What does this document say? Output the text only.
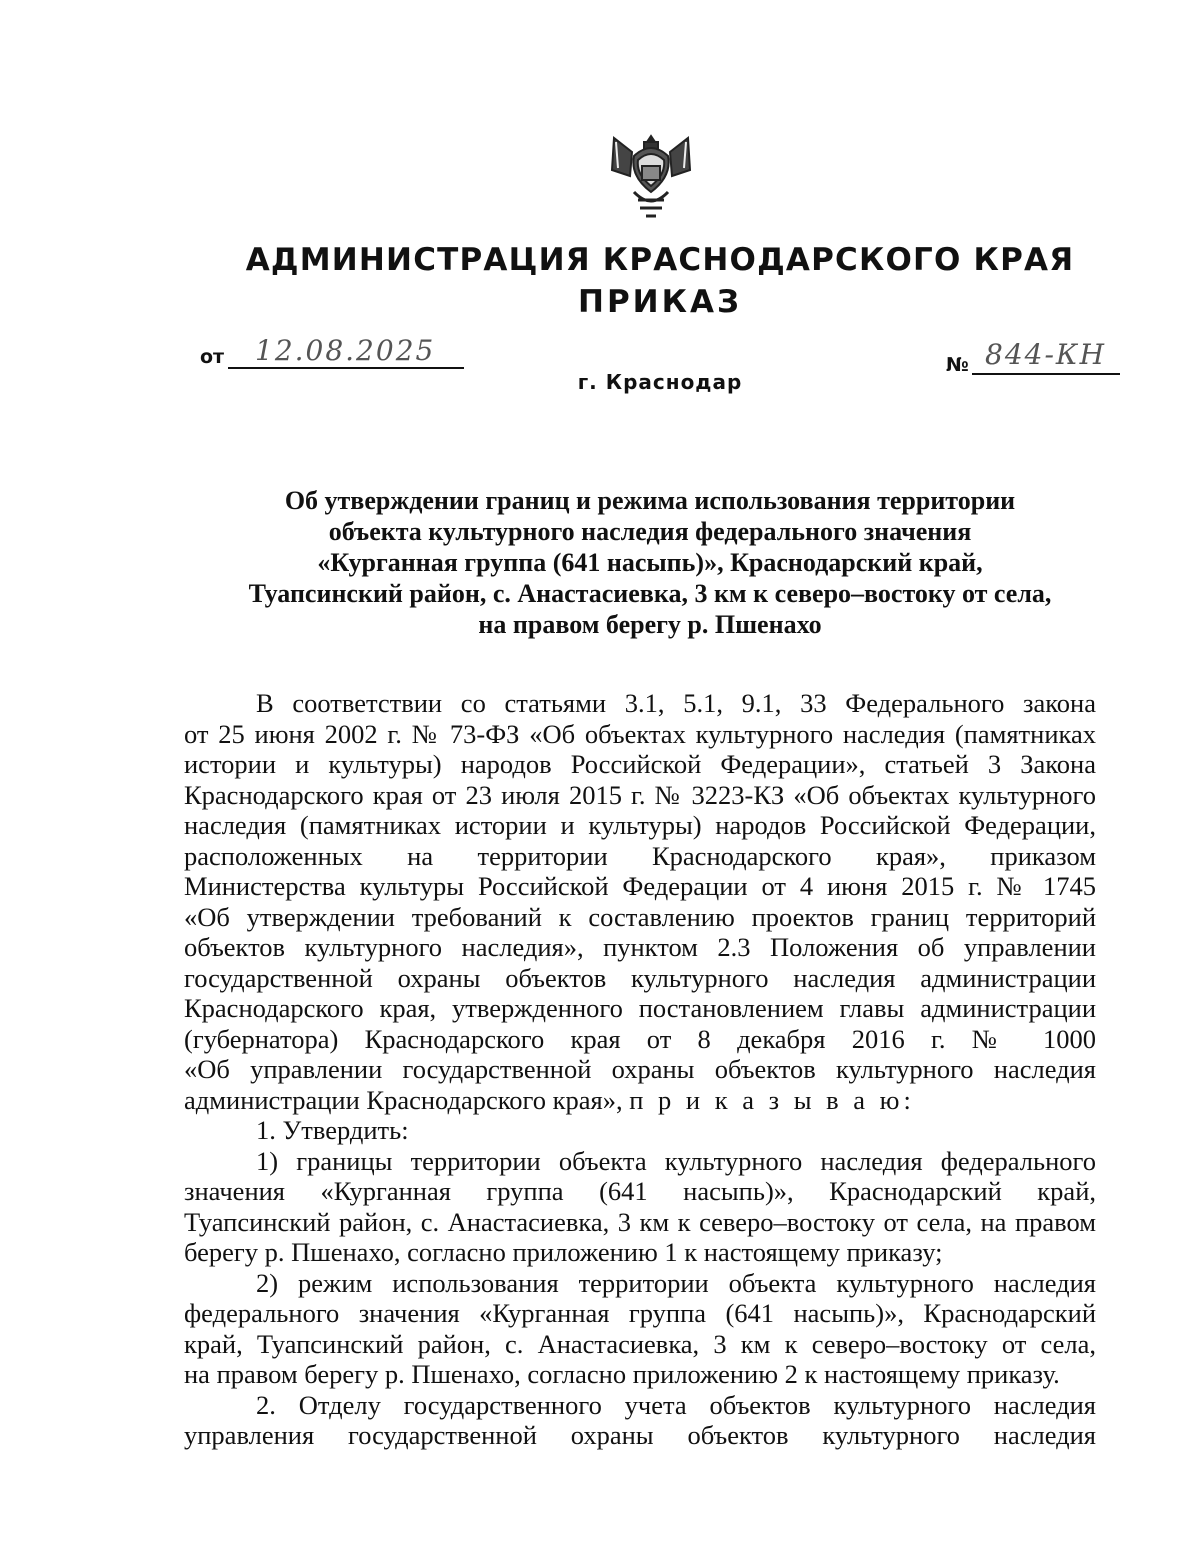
АДМИНИСТРАЦИЯ КРАСНОДАРСКОГО КРАЯ
ПРИКАЗ
от 12.08.2025
г. Краснодар
№ 844-КН
Об утверждении границ и режима использования территории
объекта культурного наследия федерального значения
«Курганная группа (641 насыпь)», Краснодарский край,
Туапсинский район, с. Анастасиевка, 3 км к северо–востоку от села,
на правом берегу р. Пшенахо
В соответствии со статьями 3.1, 5.1, 9.1, 33 Федерального закона
от 25 июня 2002 г. № 73-ФЗ «Об объектах культурного наследия (памятниках
истории и культуры) народов Российской Федерации», статьей 3 Закона
Краснодарского края от 23 июля 2015 г. № 3223-КЗ «Об объектах культурного
наследия (памятниках истории и культуры) народов Российской Федерации,
расположенных на территории Краснодарского края», приказом
Министерства культуры Российской Федерации от 4 июня 2015 г. № 1745
«Об утверждении требований к составлению проектов границ территорий
объектов культурного наследия», пунктом 2.3 Положения об управлении
государственной охраны объектов культурного наследия администрации
Краснодарского края, утвержденного постановлением главы администрации
(губернатора) Краснодарского края от 8 декабря 2016 г. № 1000
«Об управлении государственной охраны объектов культурного наследия
администрации Краснодарского края», п р и к а з ы в а ю:
1. Утвердить:
1) границы территории объекта культурного наследия федерального
значения «Курганная группа (641 насыпь)», Краснодарский край,
Туапсинский район, с. Анастасиевка, 3 км к северо–востоку от села, на правом
берегу р. Пшенахо, согласно приложению 1 к настоящему приказу;
2) режим использования территории объекта культурного наследия
федерального значения «Курганная группа (641 насыпь)», Краснодарский
край, Туапсинский район, с. Анастасиевка, 3 км к северо–востоку от села,
на правом берегу р. Пшенахо, согласно приложению 2 к настоящему приказу.
2. Отделу государственного учета объектов культурного наследия
управления государственной охраны объектов культурного наследия
